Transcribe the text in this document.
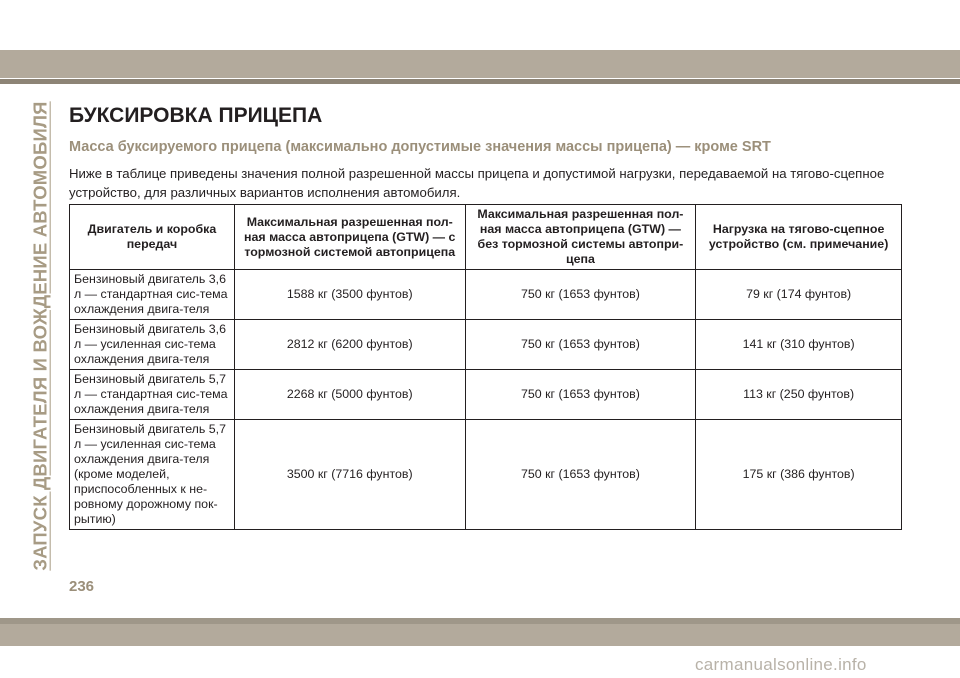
ЗАПУСК ДВИГАТЕЛЯ И ВОЖДЕНИЕ АВТОМОБИЛЯ БУКСИРОВКА ПРИЦЕПА
Масса буксируемого прицепа (максимально допустимые значения массы прицепа) — кроме SRT

Ниже в таблице приведены значения полной разрешенной массы прицепа и допустимой нагрузки, передаваемой на тягово-сцепное устройство, для различных вариантов исполнения автомобиля.

Двигатель и коробка передач	Максимальная разрешенная пол-ная масса автоприцепа (GTW) — с тормозной системой автоприцепа	Максимальная разрешенная пол-ная масса автоприцепа (GTW) — без тормозной системы автопри-цепа	Нагрузка на тягово-сцепное устройство (см. примечание)
Бензиновый двигатель 3,6 л — стандартная сис-тема охлаждения двига-теля	1588 кг (3500 фунтов)	750 кг (1653 фунтов)	79 кг (174 фунтов)
Бензиновый двигатель 3,6 л — усиленная сис-тема охлаждения двига-теля	2812 кг (6200 фунтов)	750 кг (1653 фунтов)	141 кг (310 фунтов)
Бензиновый двигатель 5,7 л — стандартная сис-тема охлаждения двига-теля	2268 кг (5000 фунтов)	750 кг (1653 фунтов)	113 кг (250 фунтов)
Бензиновый двигатель 5,7 л — усиленная сис-тема охлаждения двига-теля (кроме моделей, приспособленных к не-ровному дорожному пок-рытию)	3500 кг (7716 фунтов)	750 кг (1653 фунтов)	175 кг (386 фунтов)
236
carmanualsonline.info
